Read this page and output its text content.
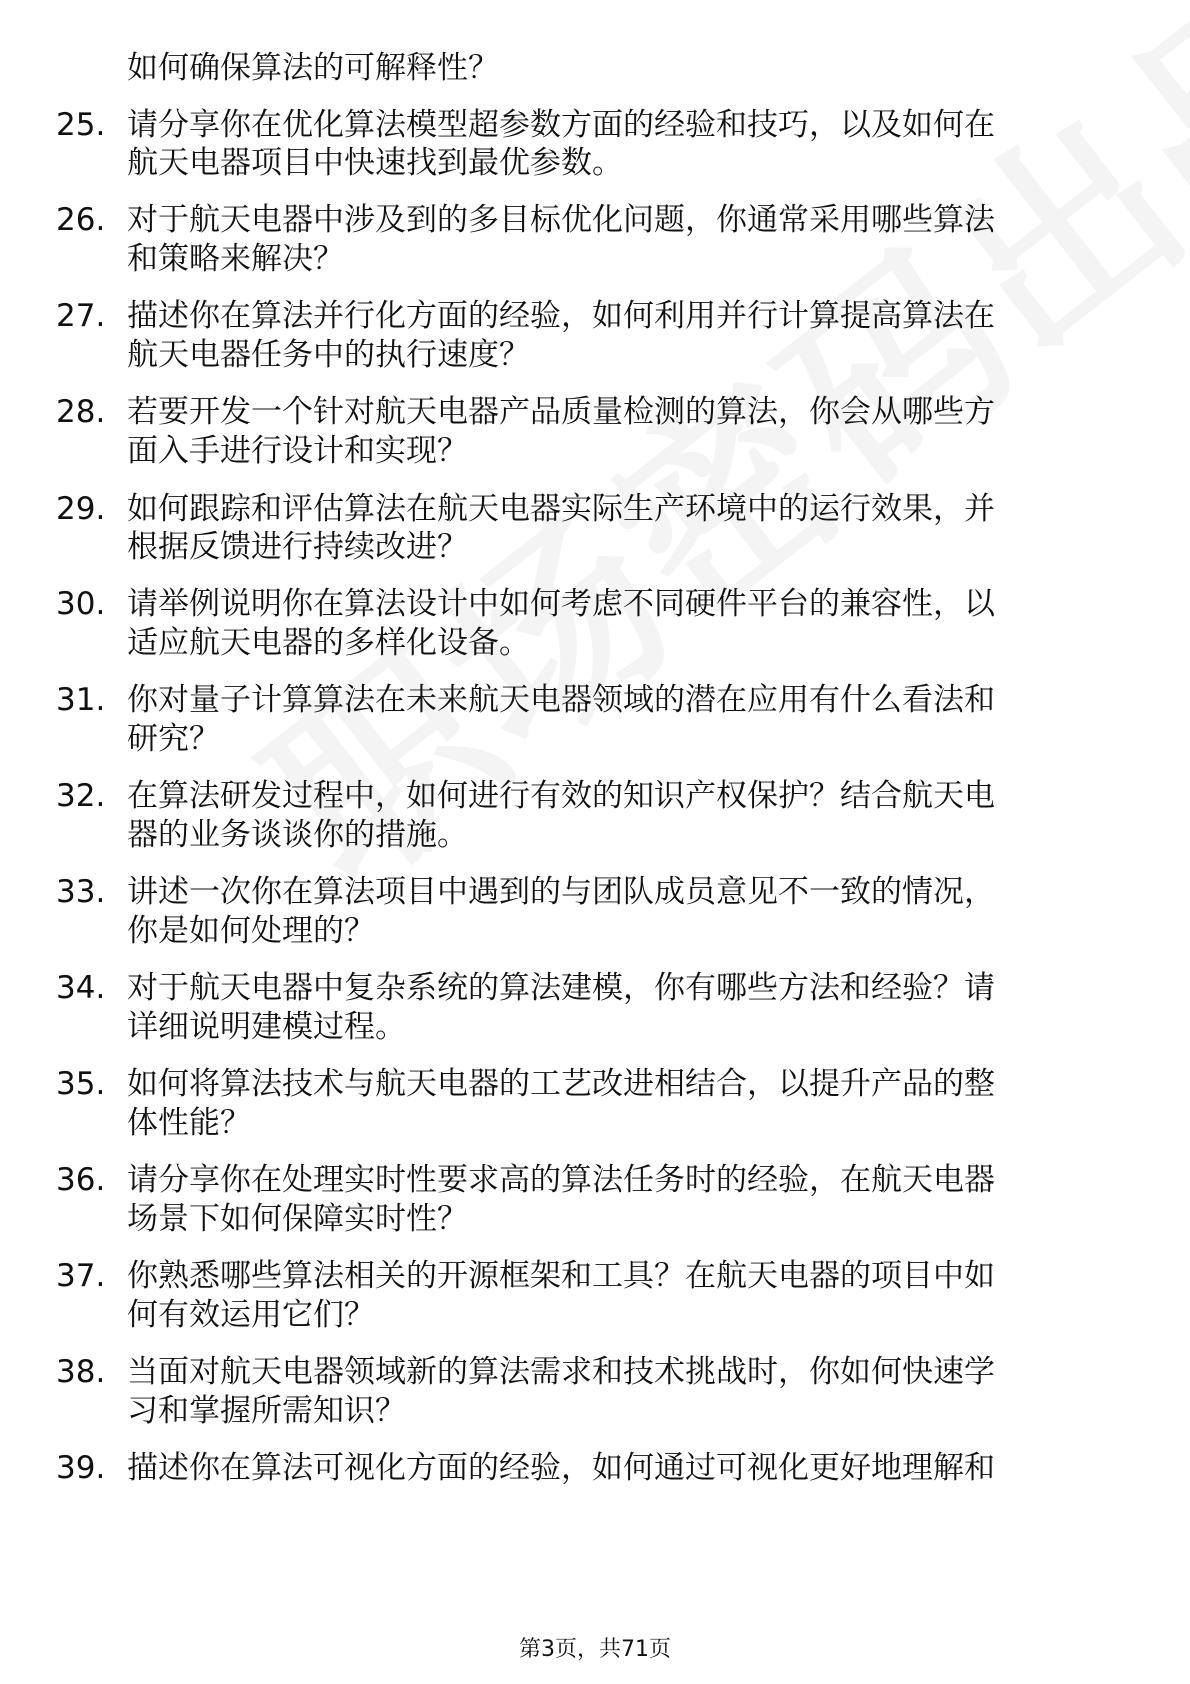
如何确保算法的可解释性？
25. 请分享你在优化算法模型超参数方面的经验和技巧，以及如何在
航天电器项目中快速找到最优参数。
26. 对于航天电器中涉及到的多目标优化问题，你通常采用哪些算法
和策略来解决？
27. 描述你在算法并行化方面的经验，如何利用并行计算提高算法在
航天电器任务中的执行速度？
28. 若要开发一个针对航天电器产品质量检测的算法，你会从哪些方
面入手进行设计和实现？
29. 如何跟踪和评估算法在航天电器实际生产环境中的运行效果，并
根据反馈进行持续改进？
30. 请举例说明你在算法设计中如何考虑不同硬件平台的兼容性，以
适应航天电器的多样化设备。
31. 你对量子计算算法在未来航天电器领域的潜在应用有什么看法和
研究？
32. 在算法研发过程中，如何进行有效的知识产权保护？结合航天电
器的业务谈谈你的措施。
33. 讲述一次你在算法项目中遇到的与团队成员意见不一致的情况，
你是如何处理的？
34. 对于航天电器中复杂系统的算法建模，你有哪些方法和经验？请
详细说明建模过程。
35. 如何将算法技术与航天电器的工艺改进相结合，以提升产品的整
体性能？
36. 请分享你在处理实时性要求高的算法任务时的经验，在航天电器
场景下如何保障实时性？
37. 你熟悉哪些算法相关的开源框架和工具？在航天电器的项目中如
何有效运用它们？
38. 当面对航天电器领域新的算法需求和技术挑战时，你如何快速学
习和掌握所需知识？
39. 描述你在算法可视化方面的经验，如何通过可视化更好地理解和
第3页，共71页
